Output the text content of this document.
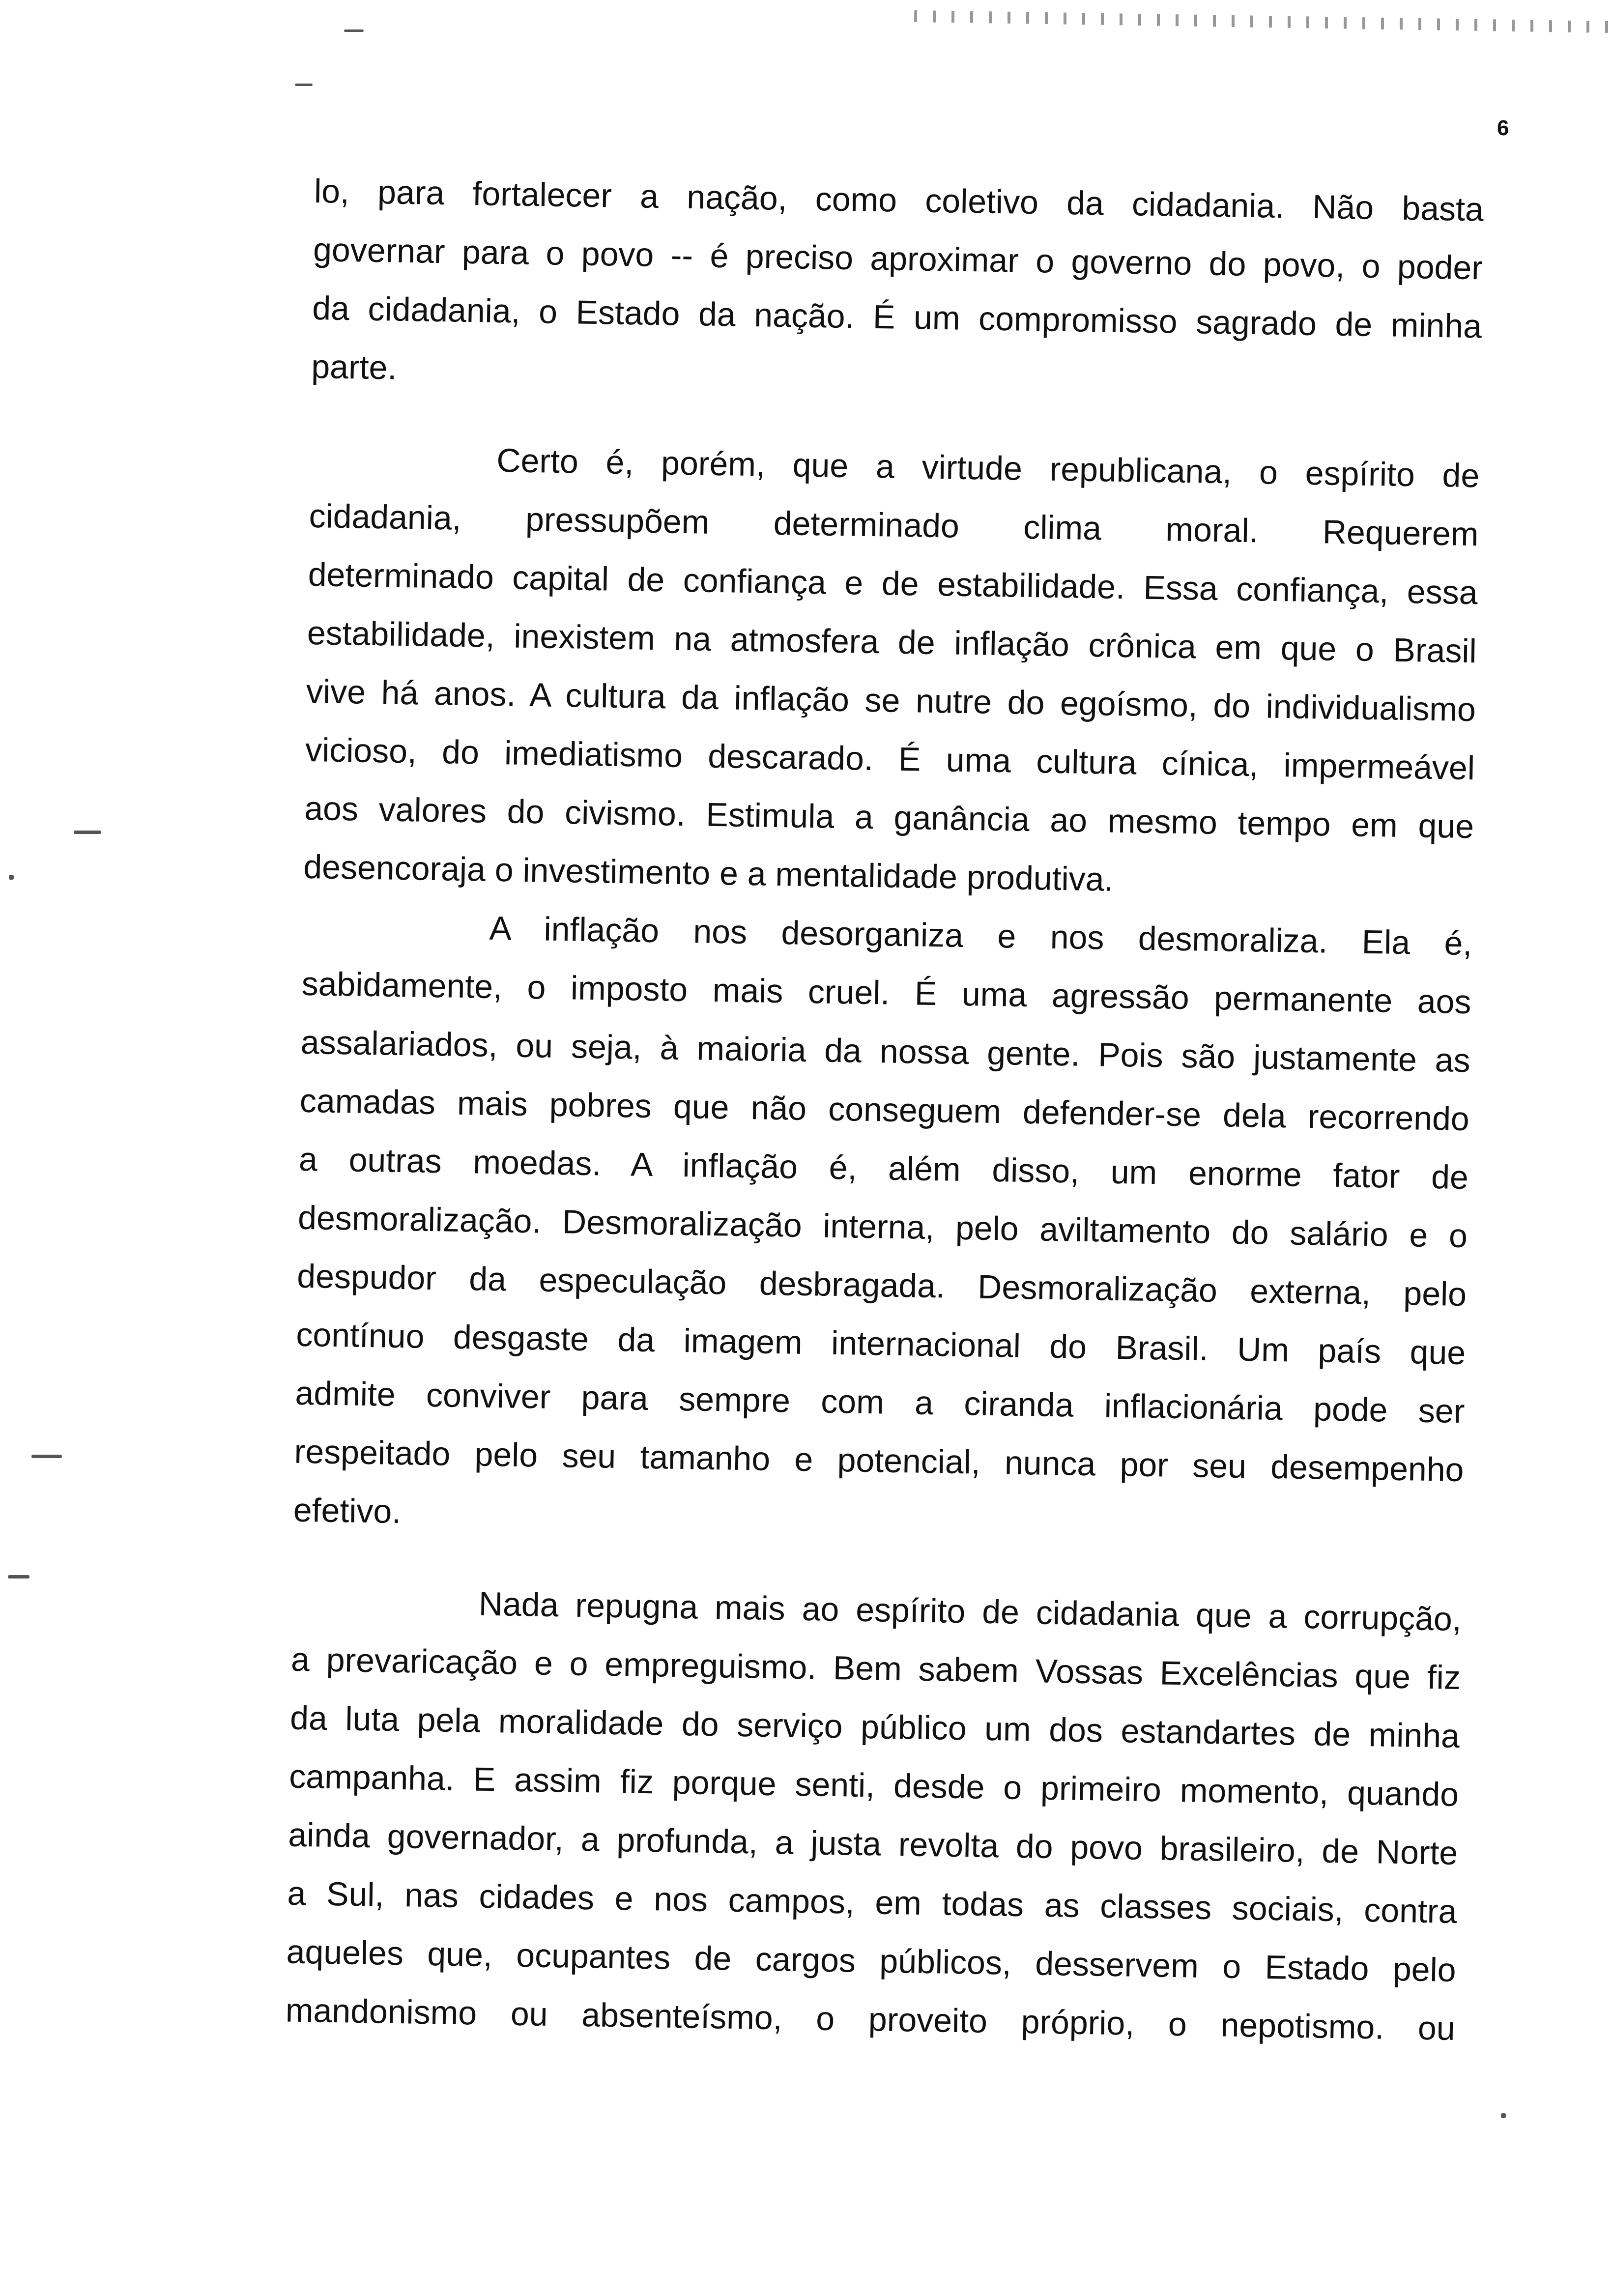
6
lo, para fortalecer a nação, como coletivo da cidadania. Não basta
governar para o povo -- é preciso aproximar o governo do povo, o poder
da cidadania, o Estado da nação. É um compromisso sagrado de minha
parte.
Certo é, porém, que a virtude republicana, o espírito de
cidadania, pressupõem determinado clima moral. Requerem
determinado capital de confiança e de estabilidade. Essa confiança, essa
estabilidade, inexistem na atmosfera de inflação crônica em que o Brasil
vive há anos. A cultura da inflação se nutre do egoísmo, do individualismo
vicioso, do imediatismo descarado. É uma cultura cínica, impermeável
aos valores do civismo. Estimula a ganância ao mesmo tempo em que
desencoraja o investimento e a mentalidade produtiva.
A inflação nos desorganiza e nos desmoraliza. Ela é,
sabidamente, o imposto mais cruel. É uma agressão permanente aos
assalariados, ou seja, à maioria da nossa gente. Pois são justamente as
camadas mais pobres que não conseguem defender-se dela recorrendo
a outras moedas. A inflação é, além disso, um enorme fator de
desmoralização. Desmoralização interna, pelo aviltamento do salário e o
despudor da especulação desbragada. Desmoralização externa, pelo
contínuo desgaste da imagem internacional do Brasil. Um país que
admite conviver para sempre com a ciranda inflacionária pode ser
respeitado pelo seu tamanho e potencial, nunca por seu desempenho
efetivo.
Nada repugna mais ao espírito de cidadania que a corrupção,
a prevaricação e o empreguismo. Bem sabem Vossas Excelências que fiz
da luta pela moralidade do serviço público um dos estandartes de minha
campanha. E assim fiz porque senti, desde o primeiro momento, quando
ainda governador, a profunda, a justa revolta do povo brasileiro, de Norte
a Sul, nas cidades e nos campos, em todas as classes sociais, contra
aqueles que, ocupantes de cargos públicos, desservem o Estado pelo
mandonismo ou absenteísmo, o proveito próprio, o nepotismo. ou
